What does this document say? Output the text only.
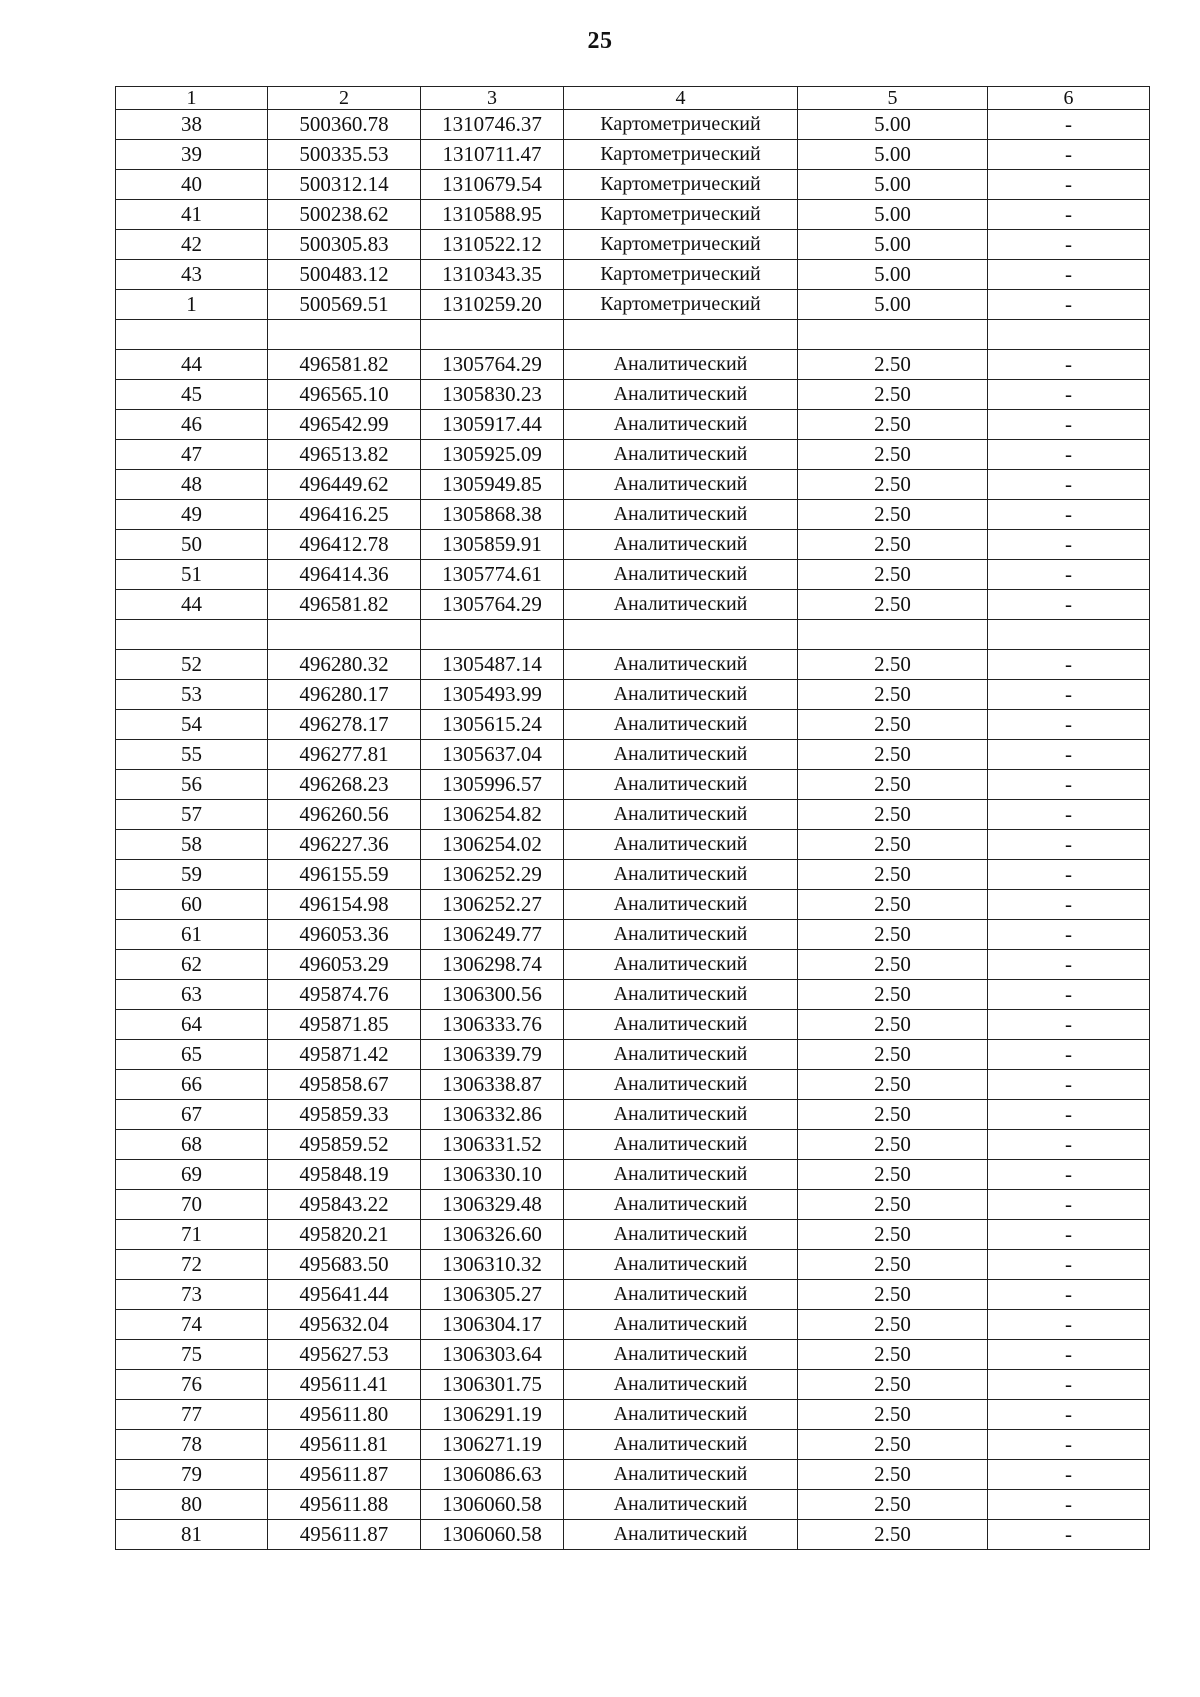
25
1	2	3	4	5	6
38	500360.78	1310746.37	Картометрический	5.00	-
39	500335.53	1310711.47	Картометрический	5.00	-
40	500312.14	1310679.54	Картометрический	5.00	-
41	500238.62	1310588.95	Картометрический	5.00	-
42	500305.83	1310522.12	Картометрический	5.00	-
43	500483.12	1310343.35	Картометрический	5.00	-
1	500569.51	1310259.20	Картометрический	5.00	-

44	496581.82	1305764.29	Аналитический	2.50	-
45	496565.10	1305830.23	Аналитический	2.50	-
46	496542.99	1305917.44	Аналитический	2.50	-
47	496513.82	1305925.09	Аналитический	2.50	-
48	496449.62	1305949.85	Аналитический	2.50	-
49	496416.25	1305868.38	Аналитический	2.50	-
50	496412.78	1305859.91	Аналитический	2.50	-
51	496414.36	1305774.61	Аналитический	2.50	-
44	496581.82	1305764.29	Аналитический	2.50	-

52	496280.32	1305487.14	Аналитический	2.50	-
53	496280.17	1305493.99	Аналитический	2.50	-
54	496278.17	1305615.24	Аналитический	2.50	-
55	496277.81	1305637.04	Аналитический	2.50	-
56	496268.23	1305996.57	Аналитический	2.50	-
57	496260.56	1306254.82	Аналитический	2.50	-
58	496227.36	1306254.02	Аналитический	2.50	-
59	496155.59	1306252.29	Аналитический	2.50	-
60	496154.98	1306252.27	Аналитический	2.50	-
61	496053.36	1306249.77	Аналитический	2.50	-
62	496053.29	1306298.74	Аналитический	2.50	-
63	495874.76	1306300.56	Аналитический	2.50	-
64	495871.85	1306333.76	Аналитический	2.50	-
65	495871.42	1306339.79	Аналитический	2.50	-
66	495858.67	1306338.87	Аналитический	2.50	-
67	495859.33	1306332.86	Аналитический	2.50	-
68	495859.52	1306331.52	Аналитический	2.50	-
69	495848.19	1306330.10	Аналитический	2.50	-
70	495843.22	1306329.48	Аналитический	2.50	-
71	495820.21	1306326.60	Аналитический	2.50	-
72	495683.50	1306310.32	Аналитический	2.50	-
73	495641.44	1306305.27	Аналитический	2.50	-
74	495632.04	1306304.17	Аналитический	2.50	-
75	495627.53	1306303.64	Аналитический	2.50	-
76	495611.41	1306301.75	Аналитический	2.50	-
77	495611.80	1306291.19	Аналитический	2.50	-
78	495611.81	1306271.19	Аналитический	2.50	-
79	495611.87	1306086.63	Аналитический	2.50	-
80	495611.88	1306060.58	Аналитический	2.50	-
81	495611.87	1306060.58	Аналитический	2.50	-
